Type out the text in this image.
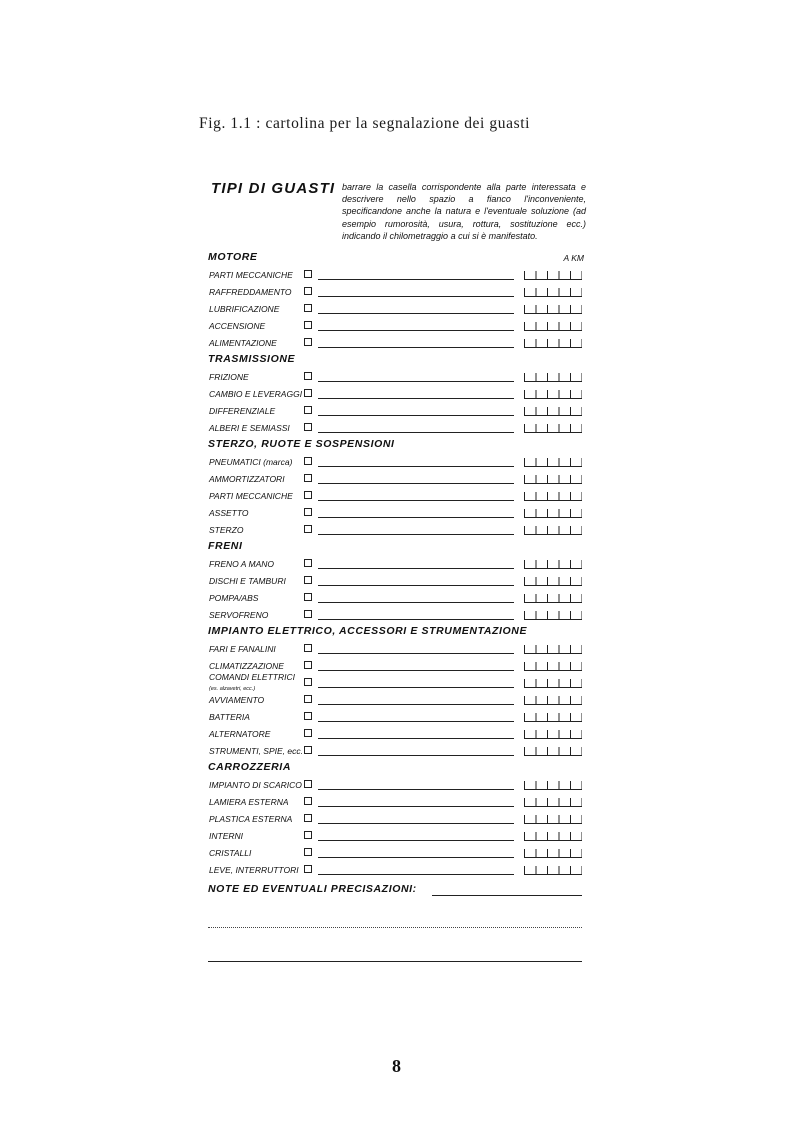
Fig. 1.1 : cartolina per la segnalazione dei guasti
TIPI DI GUASTI barrare la casella corrispondente alla parte interessata e descrivere nello spazio a fianco l'inconveniente, specificandone anche la natura e l'eventuale soluzione (ad esempio rumorosità, usura, rottura, sostituzione ecc.) indicando il chilometraggio a cui si è manifestato.
MOTORE	A KM
PARTI MECCANICHE
RAFFREDDAMENTO
LUBRIFICAZIONE
ACCENSIONE
ALIMENTAZIONE
TRASMISSIONE
FRIZIONE
CAMBIO E LEVERAGGI
DIFFERENZIALE
ALBERI E SEMIASSI
STERZO, RUOTE E SOSPENSIONI
PNEUMATICI (marca)
AMMORTIZZATORI
PARTI MECCANICHE
ASSETTO
STERZO
FRENI
FRENO A MANO
DISCHI E TAMBURI
POMPA/ABS
SERVOFRENO
IMPIANTO ELETTRICO, ACCESSORI E STRUMENTAZIONE
FARI E FANALINI
CLIMATIZZAZIONE
COMANDI ELETTRICI
(es. alzavetri, ecc.)
AVVIAMENTO
BATTERIA
ALTERNATORE
STRUMENTI, SPIE, ecc.
CARROZZERIA
IMPIANTO DI SCARICO
LAMIERA ESTERNA
PLASTICA ESTERNA
INTERNI
CRISTALLI
LEVE, INTERRUTTORI
NOTE ED EVENTUALI PRECISAZIONI:
8
